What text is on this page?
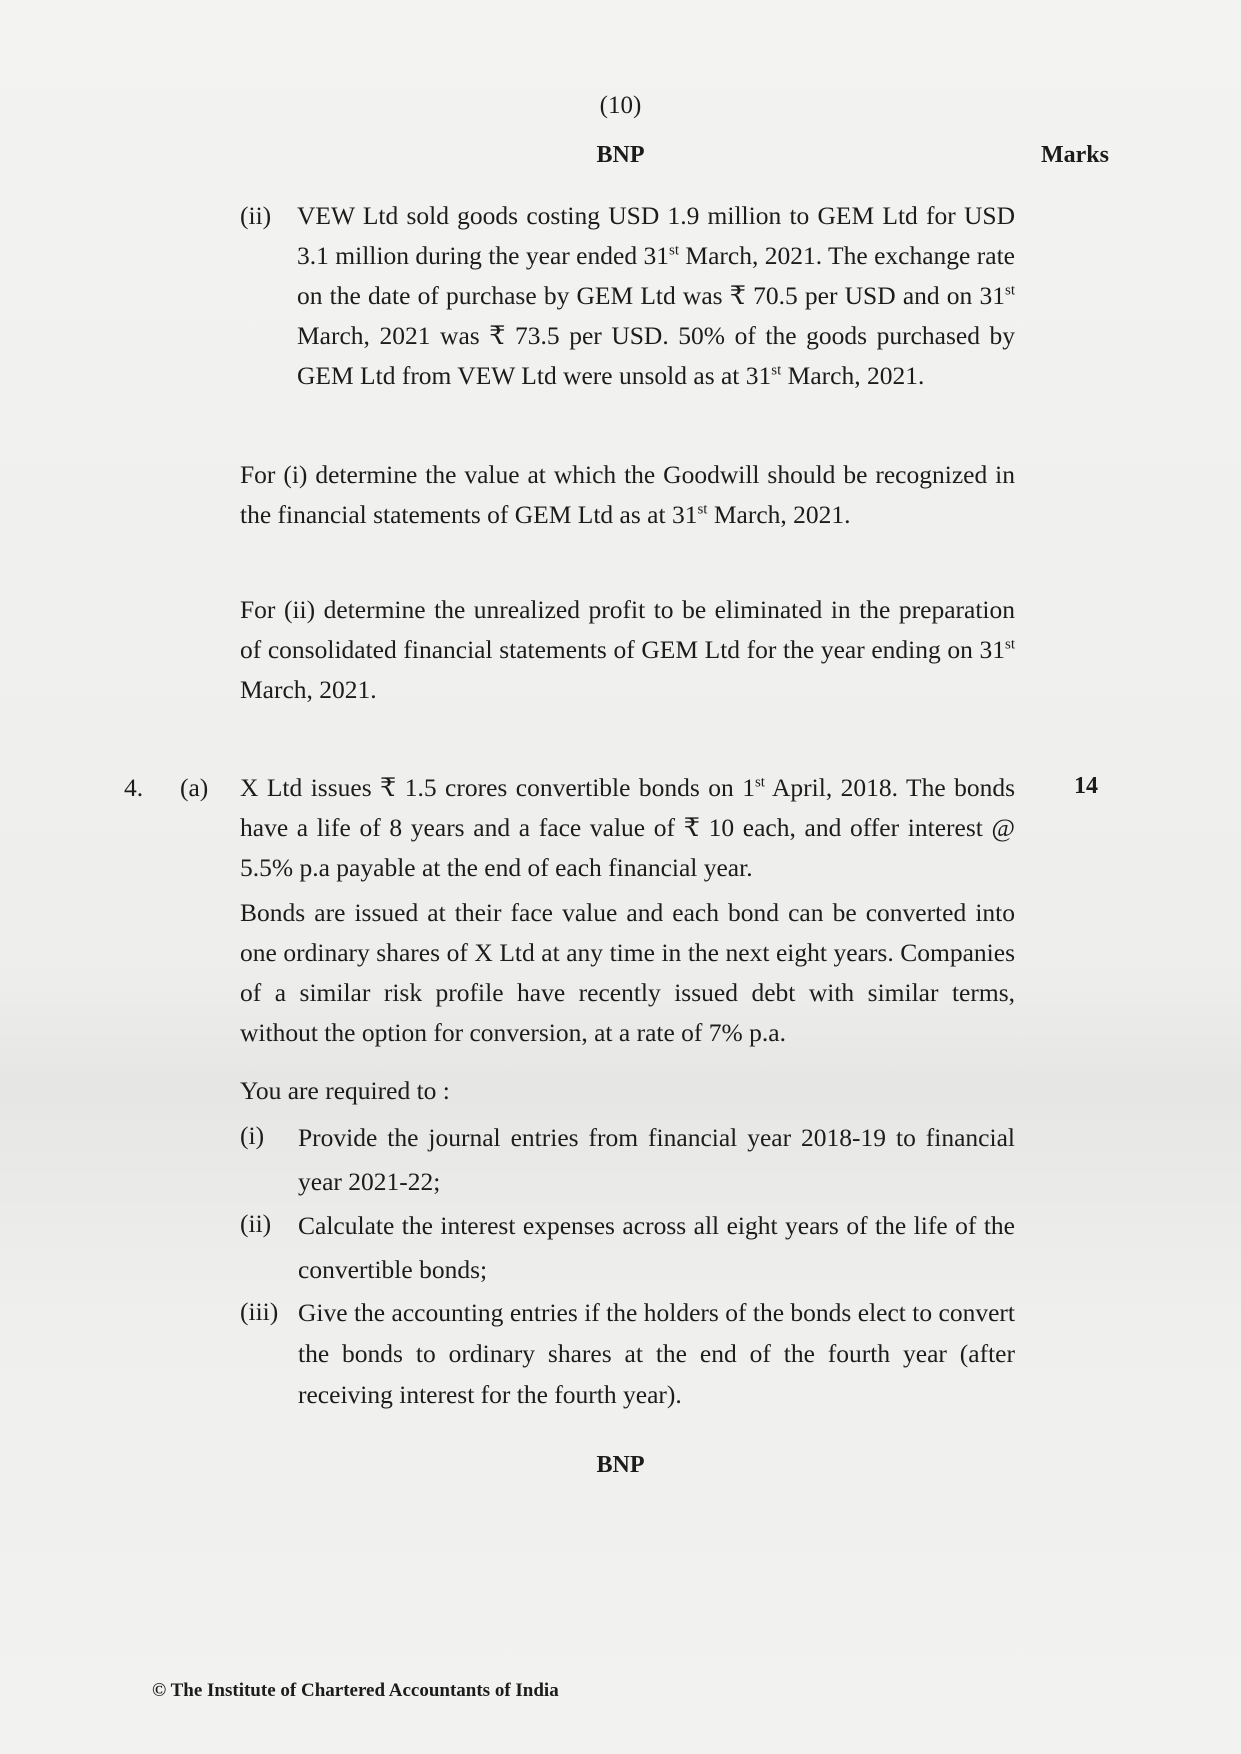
(10)
BNP	Marks
(ii) VEW Ltd sold goods costing USD 1.9 million to GEM Ltd for USD 3.1 million during the year ended 31st March, 2021. The exchange rate on the date of purchase by GEM Ltd was ₹ 70.5 per USD and on 31st March, 2021 was ₹ 73.5 per USD. 50% of the goods purchased by GEM Ltd from VEW Ltd were unsold as at 31st March, 2021.
For (i) determine the value at which the Goodwill should be recognized in the financial statements of GEM Ltd as at 31st March, 2021.
For (ii) determine the unrealized profit to be eliminated in the preparation of consolidated financial statements of GEM Ltd for the year ending on 31st March, 2021.
4. (a)	14
X Ltd issues ₹ 1.5 crores convertible bonds on 1st April, 2018. The bonds have a life of 8 years and a face value of ₹ 10 each, and offer interest @ 5.5% p.a payable at the end of each financial year.
Bonds are issued at their face value and each bond can be converted into one ordinary shares of X Ltd at any time in the next eight years. Companies of a similar risk profile have recently issued debt with similar terms, without the option for conversion, at a rate of 7% p.a.
You are required to :
(i) Provide the journal entries from financial year 2018-19 to financial year 2021-22;
(ii) Calculate the interest expenses across all eight years of the life of the convertible bonds;
(iii) Give the accounting entries if the holders of the bonds elect to convert the bonds to ordinary shares at the end of the fourth year (after receiving interest for the fourth year).
BNP
© The Institute of Chartered Accountants of India
